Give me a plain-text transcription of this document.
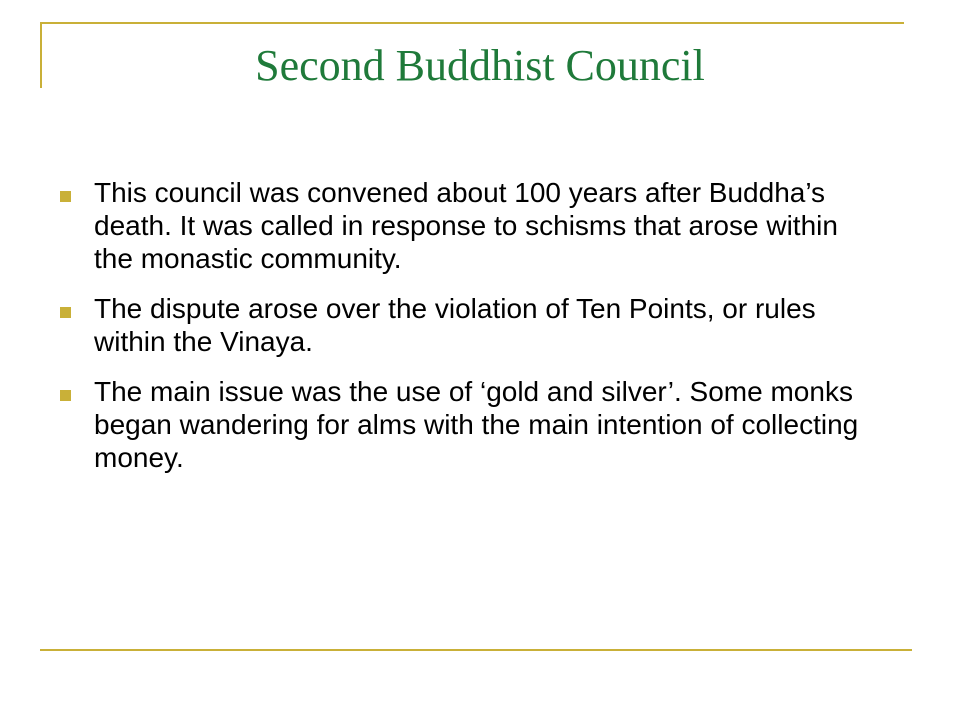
Second Buddhist Council
This council was convened about 100 years after Buddha’s death. It was called in response to schisms that arose within the monastic community.
The dispute arose over the violation of Ten Points, or rules within the Vinaya.
The main issue was the use of ‘gold and silver’. Some monks began wandering for alms with the main intention of collecting money.
